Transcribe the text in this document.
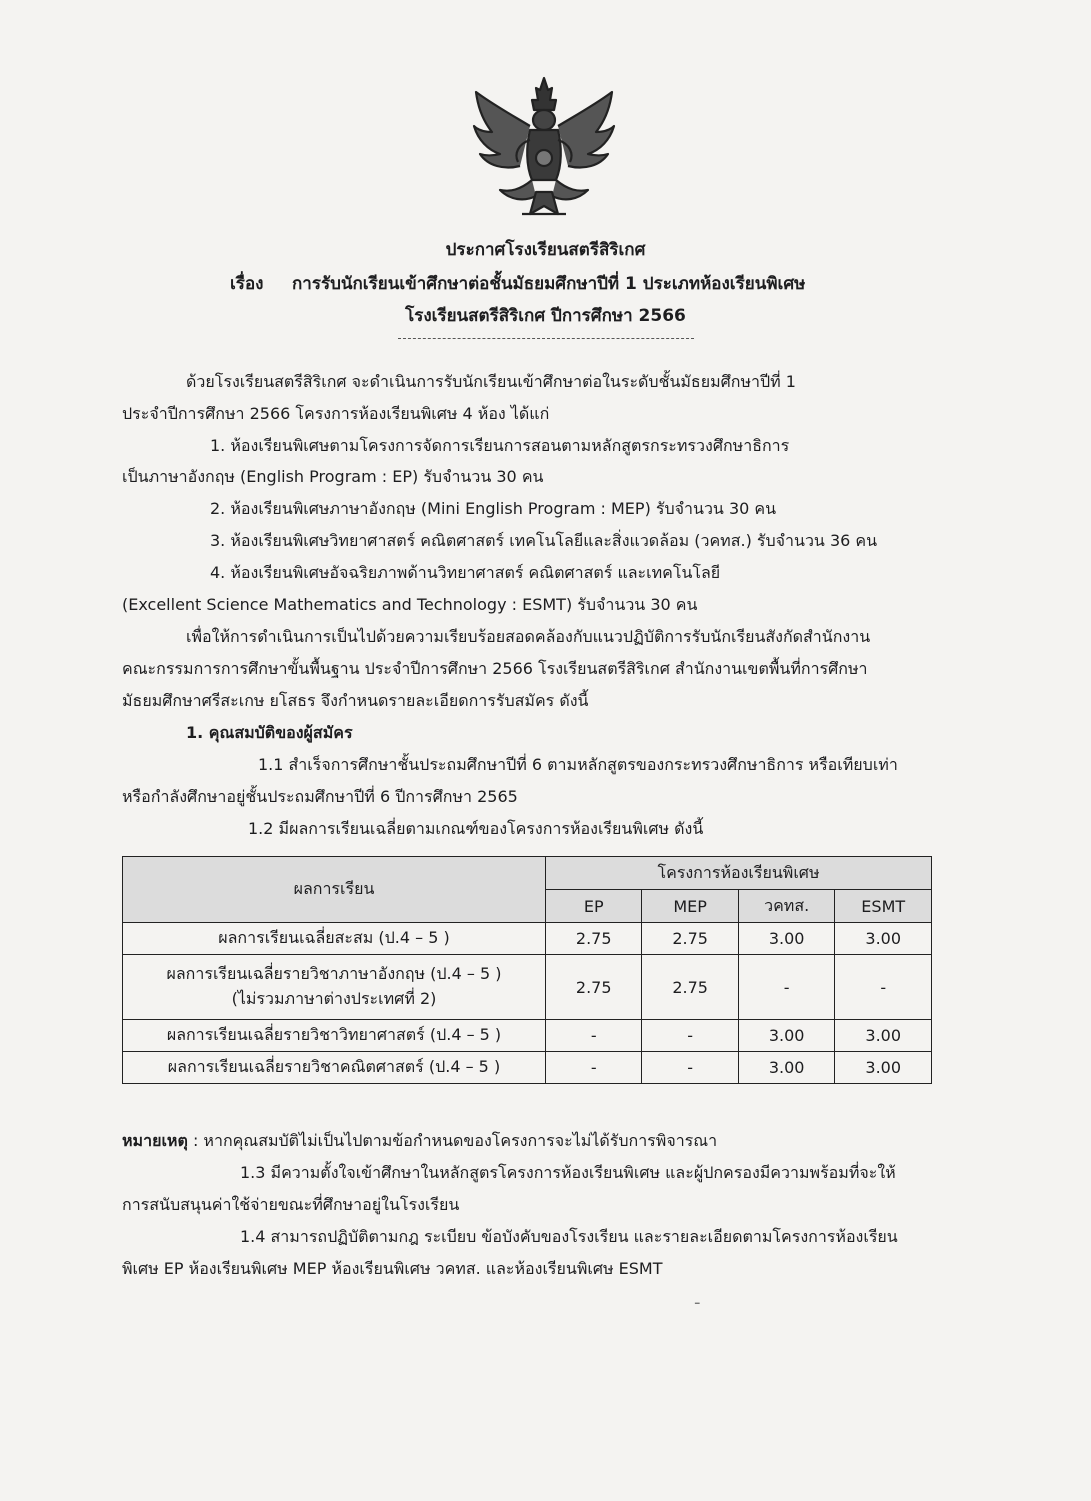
ประกาศโรงเรียนสตรีสิริเกศ
เรื่อง การรับนักเรียนเข้าศึกษาต่อชั้นมัธยมศึกษาปีที่ 1 ประเภทห้องเรียนพิเศษ
โรงเรียนสตรีสิริเกศ ปีการศึกษา 2566
ด้วยโรงเรียนสตรีสิริเกศ จะดำเนินการรับนักเรียนเข้าศึกษาต่อในระดับชั้นมัธยมศึกษาปีที่ 1
ประจำปีการศึกษา 2566 โครงการห้องเรียนพิเศษ 4 ห้อง ได้แก่
1. ห้องเรียนพิเศษตามโครงการจัดการเรียนการสอนตามหลักสูตรกระทรวงศึกษาธิการ
เป็นภาษาอังกฤษ (English Program : EP) รับจำนวน 30 คน
2. ห้องเรียนพิเศษภาษาอังกฤษ (Mini English Program : MEP) รับจำนวน 30 คน
3. ห้องเรียนพิเศษวิทยาศาสตร์ คณิตศาสตร์ เทคโนโลยีและสิ่งแวดล้อม (วคทส.) รับจำนวน 36 คน
4. ห้องเรียนพิเศษอัจฉริยภาพด้านวิทยาศาสตร์ คณิตศาสตร์ และเทคโนโลยี
(Excellent Science Mathematics and Technology : ESMT) รับจำนวน 30 คน
เพื่อให้การดำเนินการเป็นไปด้วยความเรียบร้อยสอดคล้องกับแนวปฏิบัติการรับนักเรียนสังกัดสำนักงาน
คณะกรรมการการศึกษาขั้นพื้นฐาน ประจำปีการศึกษา 2566 โรงเรียนสตรีสิริเกศ สำนักงานเขตพื้นที่การศึกษา
มัธยมศึกษาศรีสะเกษ ยโสธร จึงกำหนดรายละเอียดการรับสมัคร ดังนี้
1. คุณสมบัติของผู้สมัคร
1.1 สำเร็จการศึกษาชั้นประถมศึกษาปีที่ 6 ตามหลักสูตรของกระทรวงศึกษาธิการ หรือเทียบเท่า
หรือกำลังศึกษาอยู่ชั้นประถมศึกษาปีที่ 6 ปีการศึกษา 2565
1.2 มีผลการเรียนเฉลี่ยตามเกณฑ์ของโครงการห้องเรียนพิเศษ ดังนี้
ผลการเรียน	โครงการห้องเรียนพิเศษ			
	EP	MEP	วคทส.	ESMT
ผลการเรียนเฉลี่ยสะสม (ป.4 – 5 )	2.75	2.75	3.00	3.00

ผลการเรียนเฉลี่ยรายวิชาภาษาอังกฤษ (ป.4 – 5 )
(ไม่รวมภาษาต่างประเทศที่ 2)	2.75	2.75	-	-
ผลการเรียนเฉลี่ยรายวิชาวิทยาศาสตร์ (ป.4 – 5 )	-	-	3.00	3.00
ผลการเรียนเฉลี่ยรายวิชาคณิตศาสตร์ (ป.4 – 5 )	-	-	3.00	3.00
หมายเหตุ : หากคุณสมบัติไม่เป็นไปตามข้อกำหนดของโครงการจะไม่ได้รับการพิจารณา
1.3 มีความตั้งใจเข้าศึกษาในหลักสูตรโครงการห้องเรียนพิเศษ และผู้ปกครองมีความพร้อมที่จะให้
การสนับสนุนค่าใช้จ่ายขณะที่ศึกษาอยู่ในโรงเรียน
1.4 สามารถปฏิบัติตามกฎ ระเบียบ ข้อบังคับของโรงเรียน และรายละเอียดตามโครงการห้องเรียน
พิเศษ EP ห้องเรียนพิเศษ MEP ห้องเรียนพิเศษ วคทส. และห้องเรียนพิเศษ ESMT
-
